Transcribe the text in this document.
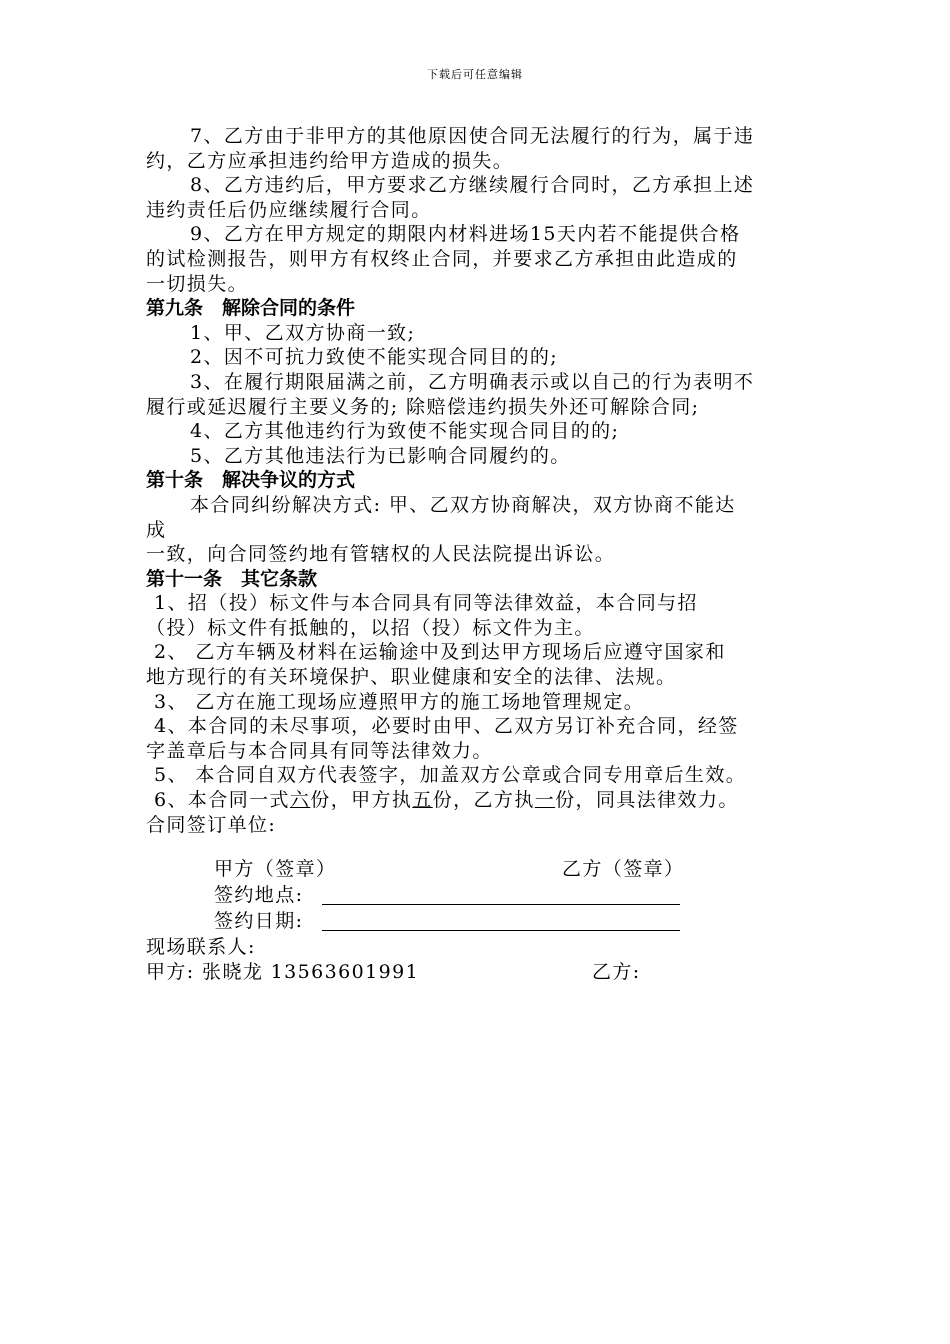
下载后可任意编辑

7、乙方由于非甲方的其他原因使合同无法履行的行为，属于违

约，乙方应承担违约给甲方造成的损失。

8、乙方违约后，甲方要求乙方继续履行合同时，乙方承担上述

违约责任后仍应继续履行合同。

9、乙方在甲方规定的期限内材料进场15天内若不能提供合格

的试检测报告，则甲方有权终止合同，并要求乙方承担由此造成的

一切损失。

第九条　解除合同的条件

1、甲、乙双方协商一致;

2、因不可抗力致使不能实现合同目的的;

3、在履行期限届满之前，乙方明确表示或以自己的行为表明不

履行或延迟履行主要义务的; 除赔偿违约损失外还可解除合同;

4、乙方其他违约行为致使不能实现合同目的的;

5、乙方其他违法行为已影响合同履约的。

第十条　解决争议的方式

本合同纠纷解决方式: 甲、乙双方协商解决，双方协商不能达

成

一致，向合同签约地有管辖权的人民法院提出诉讼。

第十一条　其它条款

1、招（投）标文件与本合同具有同等法律效益，本合同与招

（投）标文件有抵触的，以招（投）标文件为主。

2、 乙方车辆及材料在运输途中及到达甲方现场后应遵守国家和

地方现行的有关环境保护、职业健康和安全的法律、法规。

3、 乙方在施工现场应遵照甲方的施工场地管理规定。

4、本合同的未尽事项，必要时由甲、乙双方另订补充合同，经签

字盖章后与本合同具有同等法律效力。

5、 本合同自双方代表签字，加盖双方公章或合同专用章后生效。

6、本合同一式六份，甲方执五份，乙方执一份，同具法律效力。

合同签订单位:

甲方（签章）	乙方（签章）
签约地点:
签约日期:

现场联系人:

甲方: 张晓龙 13563601991	乙方:
